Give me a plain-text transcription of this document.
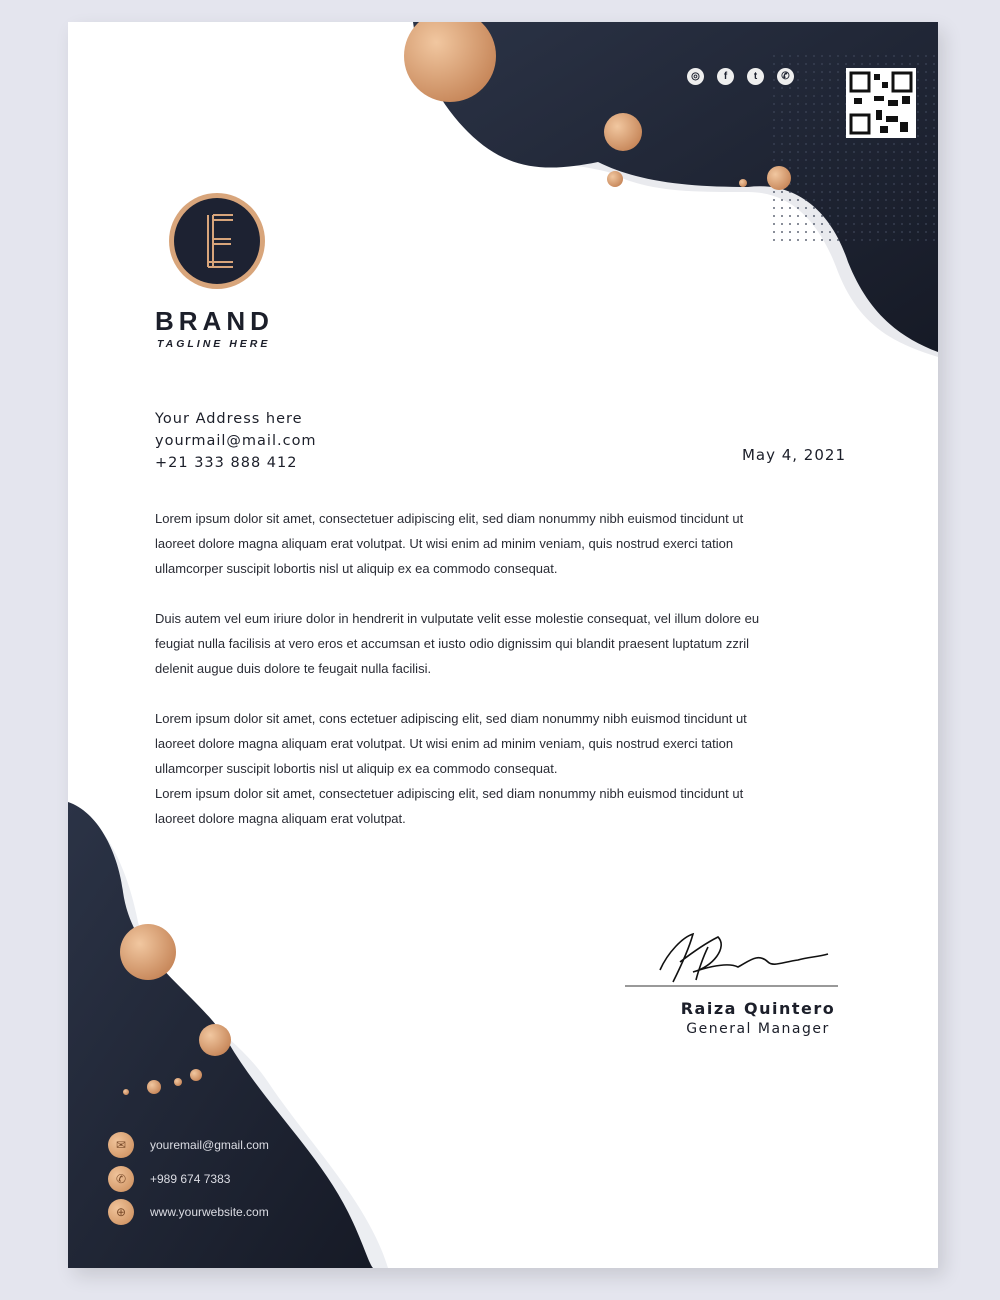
◎	f	t	✆
BRAND
TAGLINE HERE
Your Address here
yourmail@mail.com
+21 333 888 412	May 4, 2021
Lorem ipsum dolor sit amet, consectetuer adipiscing elit, sed diam nonummy nibh euismod tincidunt ut
laoreet dolore magna aliquam erat volutpat. Ut wisi enim ad minim veniam, quis nostrud exerci tation
ullamcorper suscipit lobortis nisl ut aliquip ex ea commodo consequat.
Duis autem vel eum iriure dolor in hendrerit in vulputate velit esse molestie consequat, vel illum dolore eu
feugiat nulla facilisis at vero eros et accumsan et iusto odio dignissim qui blandit praesent luptatum zzril
delenit augue duis dolore te feugait nulla facilisi.
Lorem ipsum dolor sit amet, cons ectetuer adipiscing elit, sed diam nonummy nibh euismod tincidunt ut
laoreet dolore magna aliquam erat volutpat. Ut wisi enim ad minim veniam, quis nostrud exerci tation
ullamcorper suscipit lobortis nisl ut aliquip ex ea commodo consequat.
Lorem ipsum dolor sit amet, consectetuer adipiscing elit, sed diam nonummy nibh euismod tincidunt ut
laoreet dolore magna aliquam erat volutpat.
Raiza Quintero
General Manager
✉	youremail@gmail.com
✆	+989 674 7383
⊕	www.yourwebsite.com
